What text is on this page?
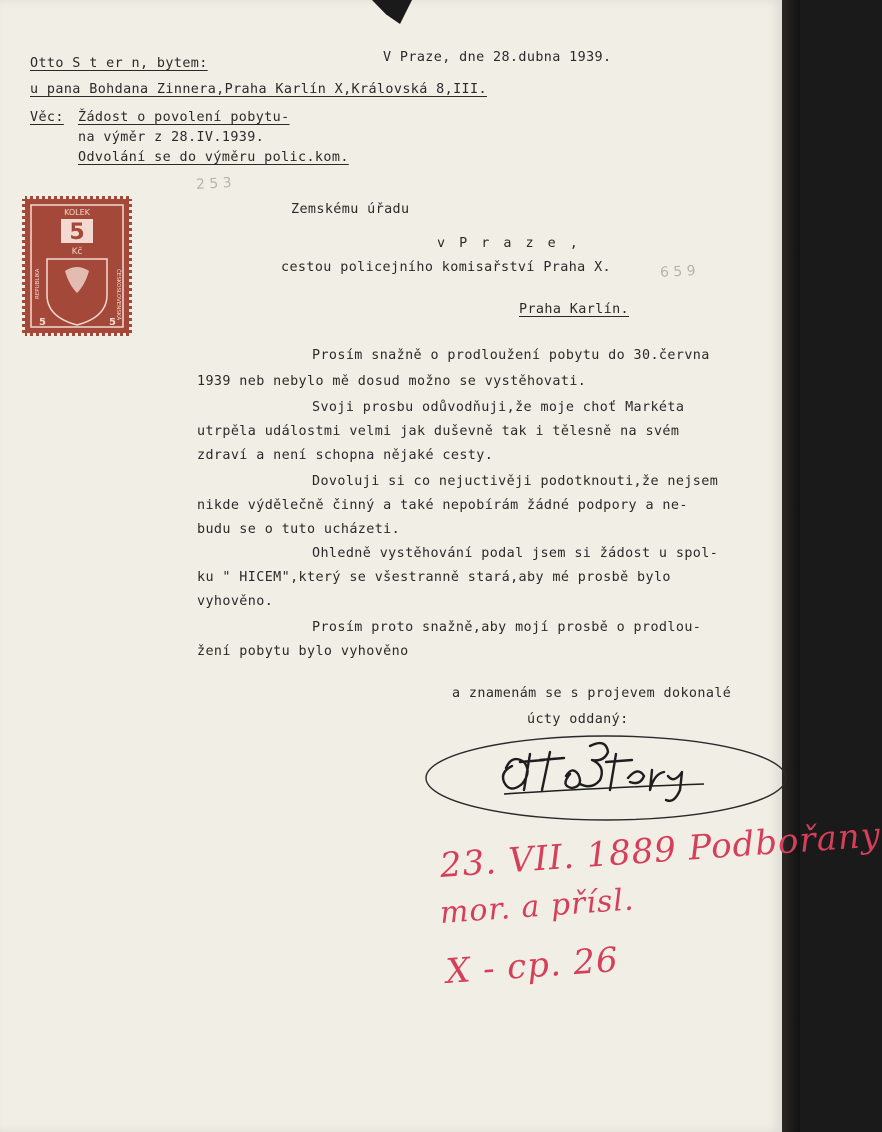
Otto S t er n, bytem:	V Praze, dne 28.dubna 1939.

u pana Bohdana Zinnera,Praha Karlín X,Královská 8,III.

Věc: Žádost o povolení pobytu-

na výměr z 28.IV.1939.

Odvolání se do výměru polic.kom.

KOLEK
5
Kč
REPUBLIKA	ČESKOSLOVENSKÁ
5	5
2 5 3
6 5 9

Zemskému úřadu

v P r a z e ,

cestou policejního komisařství Praha X.

Praha Karlín.

Prosím snažně o prodloužení pobytu do 30.června

1939 neb nebylo mě dosud možno se vystěhovati.

Svoji prosbu odůvodňuji,že moje choť Markéta

utrpěla událostmi velmi jak duševně tak i tělesně na svém

zdraví a není schopna nějaké cesty.

Dovoluji si co nejuctivěji podotknouti,že nejsem

nikde výdělečně činný a také nepobírám žádné podpory a ne-

budu se o tuto ucházeti.

Ohledně vystěhování podal jsem si žádost u spol-

ku " HICEM",který se všestranně stará,aby mé prosbě bylo

vyhověno.

Prosím proto snažně,aby mojí prosbě o prodlou-

žení pobytu bylo vyhověno

a znamenám se s projevem dokonalé

úcty oddaný:

23. VII. 1889 Podbořany

mor. a přísl.

X - cp. 26
